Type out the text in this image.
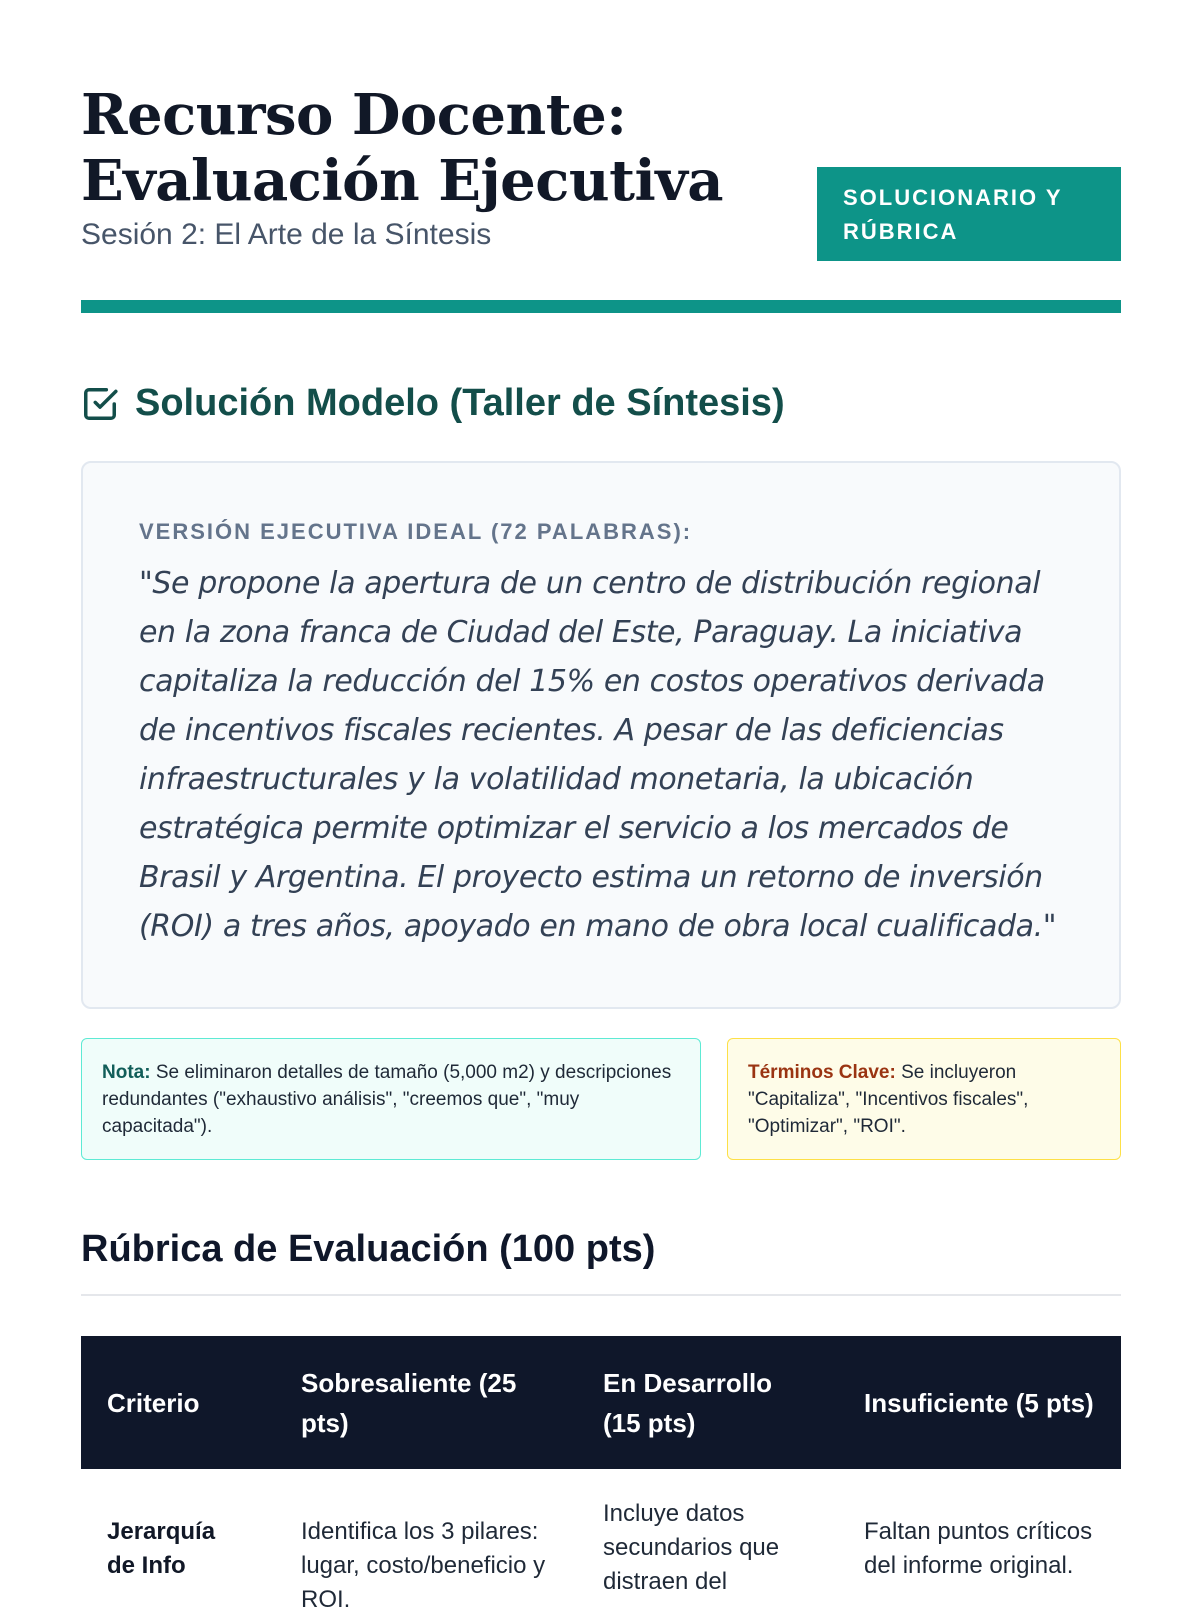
Recurso Docente:
Evaluación Ejecutiva
Sesión 2: El Arte de la Síntesis
SOLUCIONARIO Y
RÚBRICA
Solución Modelo (Taller de Síntesis)
VERSIÓN EJECUTIVA IDEAL (72 PALABRAS):
"Se propone la apertura de un centro de distribución regional en la zona franca de Ciudad del Este, Paraguay. La iniciativa capitaliza la reducción del 15% en costos operativos derivada de incentivos fiscales recientes. A pesar de las deficiencias infraestructurales y la volatilidad monetaria, la ubicación estratégica permite optimizar el servicio a los mercados de Brasil y Argentina. El proyecto estima un retorno de inversión (ROI) a tres años, apoyado en mano de obra local cualificada."
Nota: Se eliminaron detalles de tamaño (5,000 m2) y descripciones redundantes ("exhaustivo análisis", "creemos que", "muy capacitada").
Términos Clave: Se incluyeron "Capitaliza", "Incentivos fiscales", "Optimizar", "ROI".
Rúbrica de Evaluación (100 pts)
Criterio	Sobresaliente (25 pts)	En Desarrollo (15 pts)	Insuficiente (5 pts)
Jerarquía de Info	Identifica los 3 pilares: lugar, costo/beneficio y ROI.	Incluye datos secundarios que distraen del	Faltan puntos críticos del informe original.
